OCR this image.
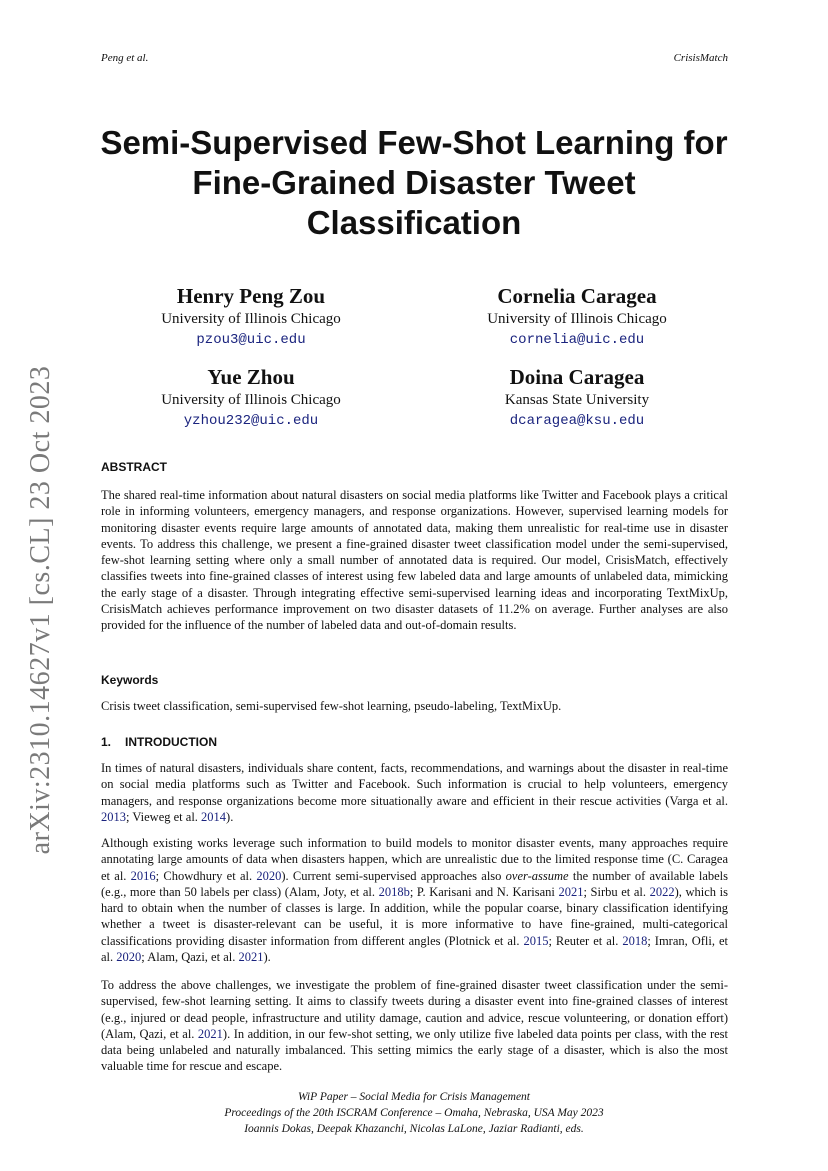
Peng et al.	CrisisMatch
arXiv:2310.14627v1 [cs.CL] 23 Oct 2023
Semi-Supervised Few-Shot Learning for Fine-Grained Disaster Tweet Classification
Henry Peng Zou
University of Illinois Chicago
pzou3@uic.edu
Cornelia Caragea
University of Illinois Chicago
cornelia@uic.edu
Yue Zhou
University of Illinois Chicago
yzhou232@uic.edu
Doina Caragea
Kansas State University
dcaragea@ksu.edu
ABSTRACT

The shared real-time information about natural disasters on social media platforms like Twitter and Facebook plays a critical role in informing volunteers, emergency managers, and response organizations. However, supervised learning models for monitoring disaster events require large amounts of annotated data, making them unrealistic for real-time use in disaster events. To address this challenge, we present a fine-grained disaster tweet classification model under the semi-supervised, few-shot learning setting where only a small number of annotated data is required. Our model, CrisisMatch, effectively classifies tweets into fine-grained classes of interest using few labeled data and large amounts of unlabeled data, mimicking the early stage of a disaster. Through integrating effective semi-supervised learning ideas and incorporating TextMixUp, CrisisMatch achieves performance improvement on two disaster datasets of 11.2% on average. Further analyses are also provided for the influence of the number of labeled data and out-of-domain results.

Keywords

Crisis tweet classification, semi-supervised few-shot learning, pseudo-labeling, TextMixUp.

1. INTRODUCTION

In times of natural disasters, individuals share content, facts, recommendations, and warnings about the disaster in real-time on social media platforms such as Twitter and Facebook. Such information is crucial to help volunteers, emergency managers, and response organizations become more situationally aware and efficient in their rescue activities (Varga et al. 2013; Vieweg et al. 2014).

Although existing works leverage such information to build models to monitor disaster events, many approaches require annotating large amounts of data when disasters happen, which are unrealistic due to the limited response time (C. Caragea et al. 2016; Chowdhury et al. 2020). Current semi-supervised approaches also over-assume the number of available labels (e.g., more than 50 labels per class) (Alam, Joty, et al. 2018b; P. Karisani and N. Karisani 2021; Sirbu et al. 2022), which is hard to obtain when the number of classes is large. In addition, while the popular coarse, binary classification identifying whether a tweet is disaster-relevant can be useful, it is more informative to have fine-grained, multi-categorical classifications providing disaster information from different angles (Plotnick et al. 2015; Reuter et al. 2018; Imran, Ofli, et al. 2020; Alam, Qazi, et al. 2021).

To address the above challenges, we investigate the problem of fine-grained disaster tweet classification under the semi-supervised, few-shot learning setting. It aims to classify tweets during a disaster event into fine-grained classes of interest (e.g., injured or dead people, infrastructure and utility damage, caution and advice, rescue volunteering, or donation effort) (Alam, Qazi, et al. 2021). In addition, in our few-shot setting, we only utilize five labeled data points per class, with the rest data being unlabeled and naturally imbalanced. This setting mimics the early stage of a disaster, which is also the most valuable time for rescue and escape.

WiP Paper – Social Media for Crisis Management
Proceedings of the 20th ISCRAM Conference – Omaha, Nebraska, USA May 2023
Ioannis Dokas, Deepak Khazanchi, Nicolas LaLone, Jaziar Radianti, eds.
